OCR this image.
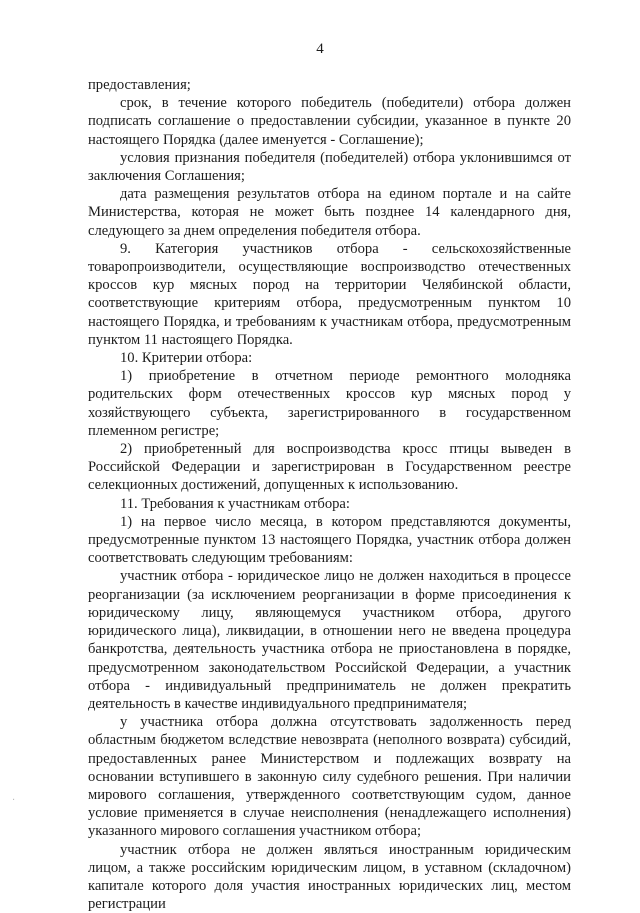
4
·

предоставления;

срок, в течение которого победитель (победители) отбора должен подписать соглашение о предоставлении субсидии, указанное в пункте 20 настоящего Порядка (далее именуется - Соглашение);

условия признания победителя (победителей) отбора уклонившимся от заключения Соглашения;

дата размещения результатов отбора на едином портале и на сайте Министерства, которая не может быть позднее 14 календарного дня, следующего за днем определения победителя отбора.

9. Категория участников отбора - сельскохозяйственные товаропроизводители, осуществляющие воспроизводство отечественных кроссов кур мясных пород на территории Челябинской области, соответствующие критериям отбора, предусмотренным пунктом 10 настоящего Порядка, и требованиям к участникам отбора, предусмотренным пунктом 11 настоящего Порядка.

10. Критерии отбора:

1) приобретение в отчетном периоде ремонтного молодняка родительских форм отечественных кроссов кур мясных пород у хозяйствующего субъекта, зарегистрированного в государственном племенном регистре;

2) приобретенный для воспроизводства кросс птицы выведен в Российской Федерации и зарегистрирован в Государственном реестре селекционных достижений, допущенных к использованию.

11. Требования к участникам отбора:

1) на первое число месяца, в котором представляются документы, предусмотренные пунктом 13 настоящего Порядка, участник отбора должен соответствовать следующим требованиям:

участник отбора - юридическое лицо не должен находиться в процессе реорганизации (за исключением реорганизации в форме присоединения к юридическому лицу, являющемуся участником отбора, другого юридического лица), ликвидации, в отношении него не введена процедура банкротства, деятельность участника отбора не приостановлена в порядке, предусмотренном законодательством Российской Федерации, а участник отбора - индивидуальный предприниматель не должен прекратить деятельность в качестве индивидуального предпринимателя;

у участника отбора должна отсутствовать задолженность перед областным бюджетом вследствие невозврата (неполного возврата) субсидий, предоставленных ранее Министерством и подлежащих возврату на основании вступившего в законную силу судебного решения. При наличии мирового соглашения, утвержденного соответствующим судом, данное условие применяется в случае неисполнения (ненадлежащего исполнения) указанного мирового соглашения участником отбора;

участник отбора не должен являться иностранным юридическим лицом, а также российским юридическим лицом, в уставном (складочном) капитале которого доля участия иностранных юридических лиц, местом регистрации
